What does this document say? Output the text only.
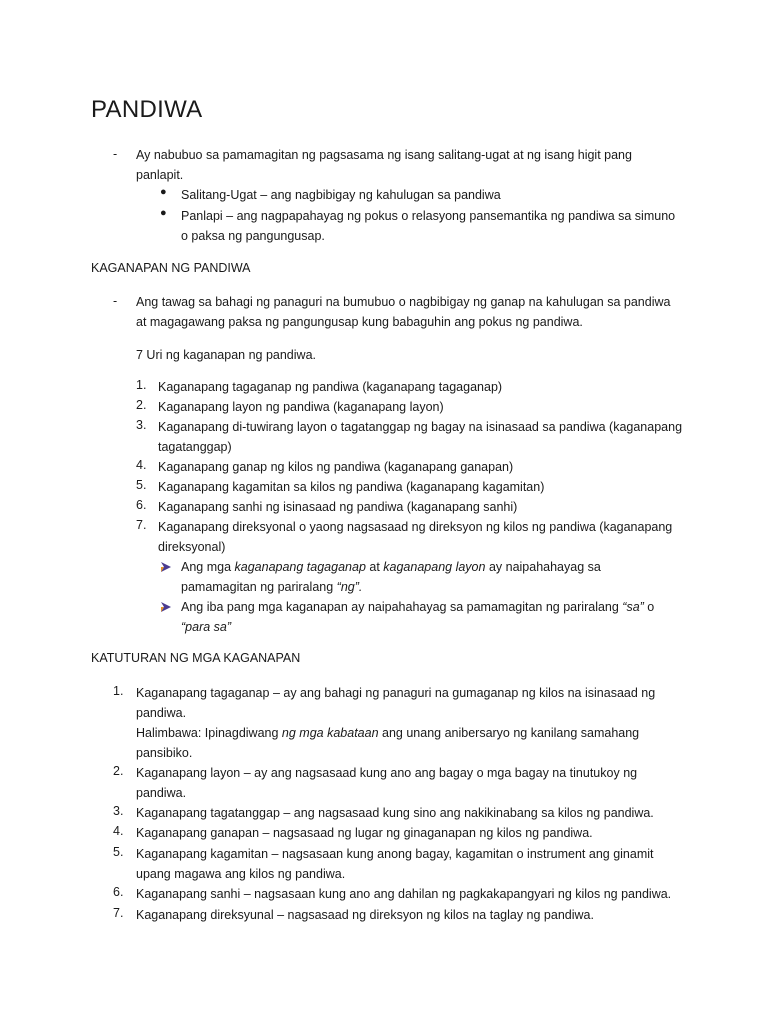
PANDIWA
- Ay nabubuo sa pamamagitan ng pagsasama ng isang salitang-ugat at ng isang higit pang
panlapit.
● Salitang-Ugat – ang nagbibigay ng kahulugan sa pandiwa
● Panlapi – ang nagpapahayag ng pokus o relasyong pansemantika ng pandiwa sa simuno
o paksa ng pangungusap.
KAGANAPAN NG PANDIWA
- Ang tawag sa bahagi ng panaguri na bumubuo o nagbibigay ng ganap na kahulugan sa pandiwa
at magagawang paksa ng pangungusap kung babaguhin ang pokus ng pandiwa.
7 Uri ng kaganapan ng pandiwa.
1. Kaganapang tagaganap ng pandiwa (kaganapang tagaganap)
2. Kaganapang layon ng pandiwa (kaganapang layon)
3. Kaganapang di-tuwirang layon o tagatanggap ng bagay na isinasaad sa pandiwa (kaganapang
tagatanggap)
4. Kaganapang ganap ng kilos ng pandiwa (kaganapang ganapan)
5. Kaganapang kagamitan sa kilos ng pandiwa (kaganapang kagamitan)
6. Kaganapang sanhi ng isinasaad ng pandiwa (kaganapang sanhi)
7. Kaganapang direksyonal o yaong nagsasaad ng direksyon ng kilos ng pandiwa (kaganapang
direksyonal)
Ang mga kaganapang tagaganap at kaganapang layon ay naipahahayag sa
pamamagitan ng pariralang “ng”.
Ang iba pang mga kaganapan ay naipahahayag sa pamamagitan ng pariralang “sa” o
“para sa”
KATUTURAN NG MGA KAGANAPAN
1. Kaganapang tagaganap – ay ang bahagi ng panaguri na gumaganap ng kilos na isinasaad ng
pandiwa.
Halimbawa: Ipinagdiwang ng mga kabataan ang unang anibersaryo ng kanilang samahang
pansibiko.
2. Kaganapang layon – ay ang nagsasaad kung ano ang bagay o mga bagay na tinutukoy ng
pandiwa.
3. Kaganapang tagatanggap – ang nagsasaad kung sino ang nakikinabang sa kilos ng pandiwa.
4. Kaganapang ganapan – nagsasaad ng lugar ng ginaganapan ng kilos ng pandiwa.
5. Kaganapang kagamitan – nagsasaan kung anong bagay, kagamitan o instrument ang ginamit
upang magawa ang kilos ng pandiwa.
6. Kaganapang sanhi – nagsasaan kung ano ang dahilan ng pagkakapangyari ng kilos ng pandiwa.
7. Kaganapang direksyunal – nagsasaad ng direksyon ng kilos na taglay ng pandiwa.
